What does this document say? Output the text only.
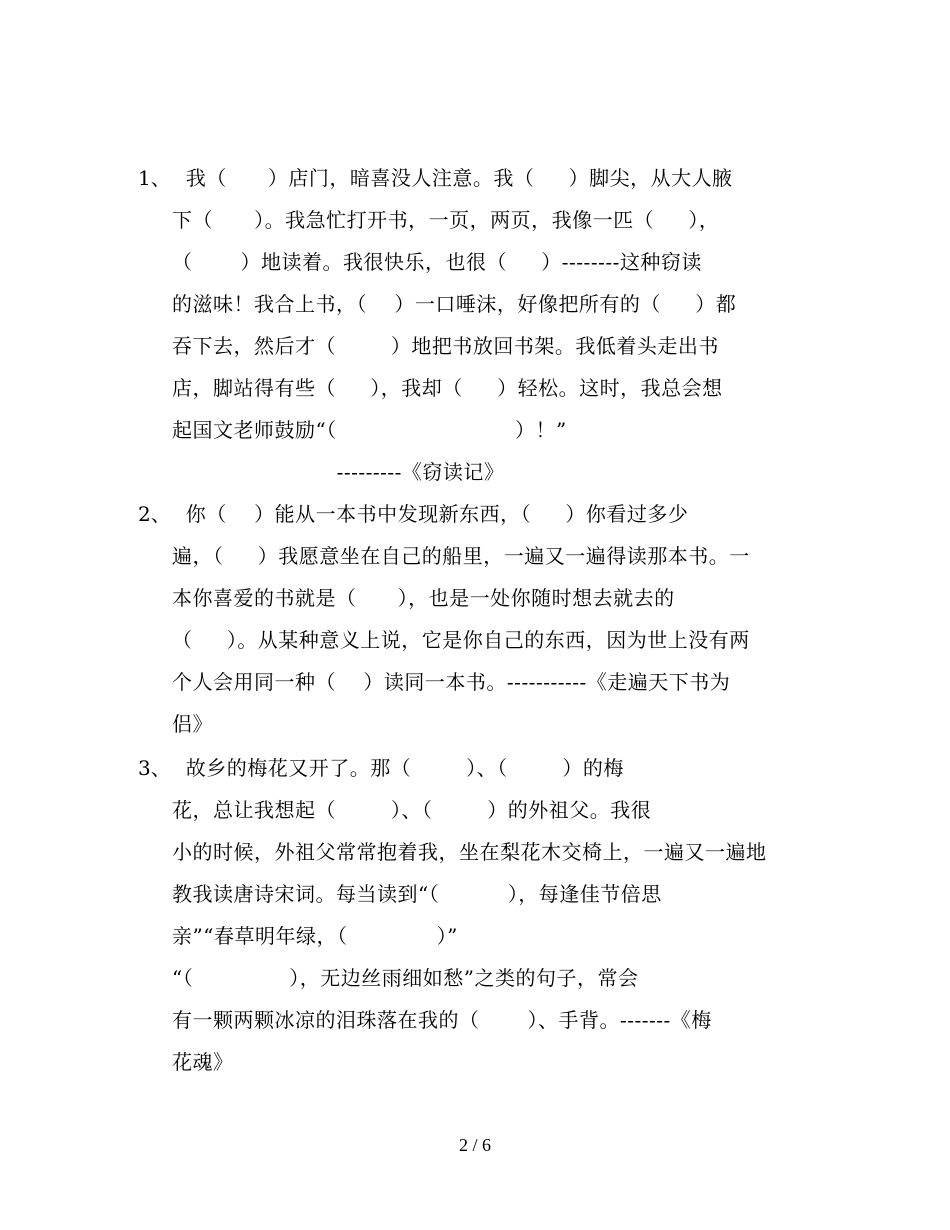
1、 我（      ）店门，暗喜没人注意。我（     ）脚尖，从大人腋
下（      ）。我急忙打开书，一页，两页，我像一匹（     ），
（       ）地读着。我很快乐，也很（     ）--------这种窃读
的滋味！我合上书，（    ）一口唾沫，好像把所有的（     ）都
吞下去，然后才（        ）地把书放回书架。我低着头走出书
店，脚站得有些（     ），我却（     ）轻松。这时，我总会想
起国文老师鼓励“（                          ）！”
---------《窃读记》
2、 你（    ）能从一本书中发现新东西，（     ）你看过多少
遍，（     ）我愿意坐在自己的船里，一遍又一遍得读那本书。一
本你喜爱的书就是（      ），也是一处你随时想去就去的
（     ）。从某种意义上说，它是你自己的东西，因为世上没有两
个人会用同一种（    ）读同一本书。-----------《走遍天下书为
侣》
3、 故乡的梅花又开了。那（        ）、（        ）的梅
花，总让我想起（        ）、（        ）的外祖父。我很
小的时候，外祖父常常抱着我，坐在梨花木交椅上，一遍又一遍地
教我读唐诗宋词。每当读到“（          ），每逢佳节倍思
亲”“春草明年绿，（             ）”
“（              ），无边丝雨细如愁”之类的句子，常会
有一颗两颗冰凉的泪珠落在我的（       ）、手背。-------《梅
花魂》
2 / 6
